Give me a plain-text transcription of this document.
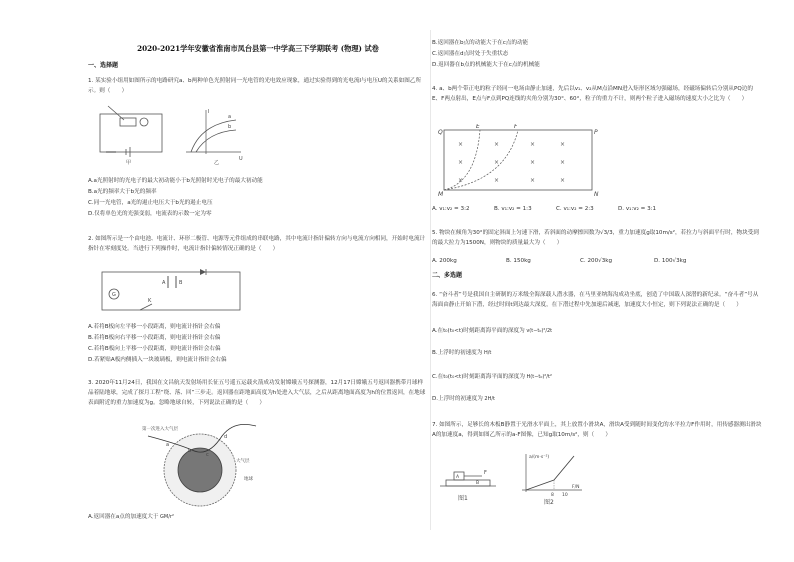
2020-2021学年安徽省淮南市凤台县第一中学高三下学期联考 (物理) 试卷
一、选择题
1. 某实验小组用如图所示的电路研究a、b两种单色光照射同一光电管的光电效应现象，通过实验得到的光电流I与电压U的关系如图乙所示。则（　　）
甲
I
U
a
b
乙
A.a光照射时的光电子的最大初动能小于b光照射时光电子的最大初动能
B.a光的频率大于b光的频率
C.同一光电管，a光的遏止电压大于b光的遏止电压
D.仅将单色光的光强变弱，电流表的示数一定为零
2. 如图所示是一个由电池、电流计、环形二极管、电源等元件组成的串联电路，其中电流计指针偏转方向与电流方向相同，开始时电流计指针在零刻度处。当进行下列操作时，电流计指针偏转情况正确的是（　　）
G
K
A	B
A.若将B板向左平移一小段距离，则电流计指针会右偏
B.若将B板向右平移一小段距离，则电流计指针会右偏
C.若将B板向上平移一小段距离，则电流计指针会右偏
D.若紧贴A板内侧插入一块玻璃板，则电流计指针会右偏
3. 2020年11月24日，我国在文昌航天发射场用长征五号遥五运载火箭成功发射嫦娥五号探测器，12月17日嫦娥五号返回器携带月球样品着陆地球，完成了探月工程“绕、落、回”三步走。返回器在距地面高度为h处进入大气层，之后从距离地面高度为h的位置返回，在地球表面附近的重力加速度为g。忽略地球自转，下列说法正确的是（　　）
第一次进入大气层
大气层
地球
a
b
c
d
A.返回器在a点的加速度大于 GM/r²
B.返回器在b点的动能大于在c点的动能
C.返回器在d点时处于失重状态
D.返回器在b点的机械能大于在c点的机械能
4. a、b两个带正电的粒子经同一电场由静止加速，先后以v₁、v₂从M点沿MN进入矩形区域匀强磁场，经磁场偏转后分别从PQ边的E、F两点射出，E点与F点到PQ连线的夹角分别为30°、60°，粒子的重力不计，则两个粒子进入磁场的速度大小之比为（　　）
Q	P
M	N
E	F
×	×	×	×
×	×	×	×
×	×	×	×
A. v₁:v₂ = 3:2	B. v₁:v₂ = 1:3	C. v₁:v₂ = 2:3	D. v₁:v₂ = 3:1
5. 物块在倾角为30°的固定斜面上匀速下滑，若斜面的动摩擦因数为√3/3，重力加速度g取10m/s²，若拉力与斜面平行时，物块受到的最大拉力为1500N，则物块的质量最大为（　　）
A. 200kg	B. 150kg	C. 200√3kg	D. 100√3kg
二、多选题
6. “奋斗者”号是我国自主研制的万米级全海深载人潜水器，在马里亚纳海沟成功坐底，创造了中国载人深潜的新纪录。“奋斗者”号从海面由静止开始下潜，经过时间t到达最大深度，在下潜过程中先加速后减速，加速度大小恒定，则下列说法正确的是（　　）
A.在t₀(t₀<t)时刻距离海平面的深度为 v(t−t₀)²/2t
B.上浮时的初速度为 H/t
C.在t₀(t₀<t)时刻距离海平面的深度为 H(t−t₀)²/t²
D.上浮时的初速度为 2H/t
7. 如图所示，足够长的木板B静置于光滑水平面上，其上放置小滑块A，滑块A受到随时间变化的水平拉力F作用时，用传感器测出滑块A的加速度a，得到如图乙所示的a-F图像，已知g取10m/s²，则（　　）
F
A
B
图1
a/(m·s⁻²)
F/N
8 10
图2
